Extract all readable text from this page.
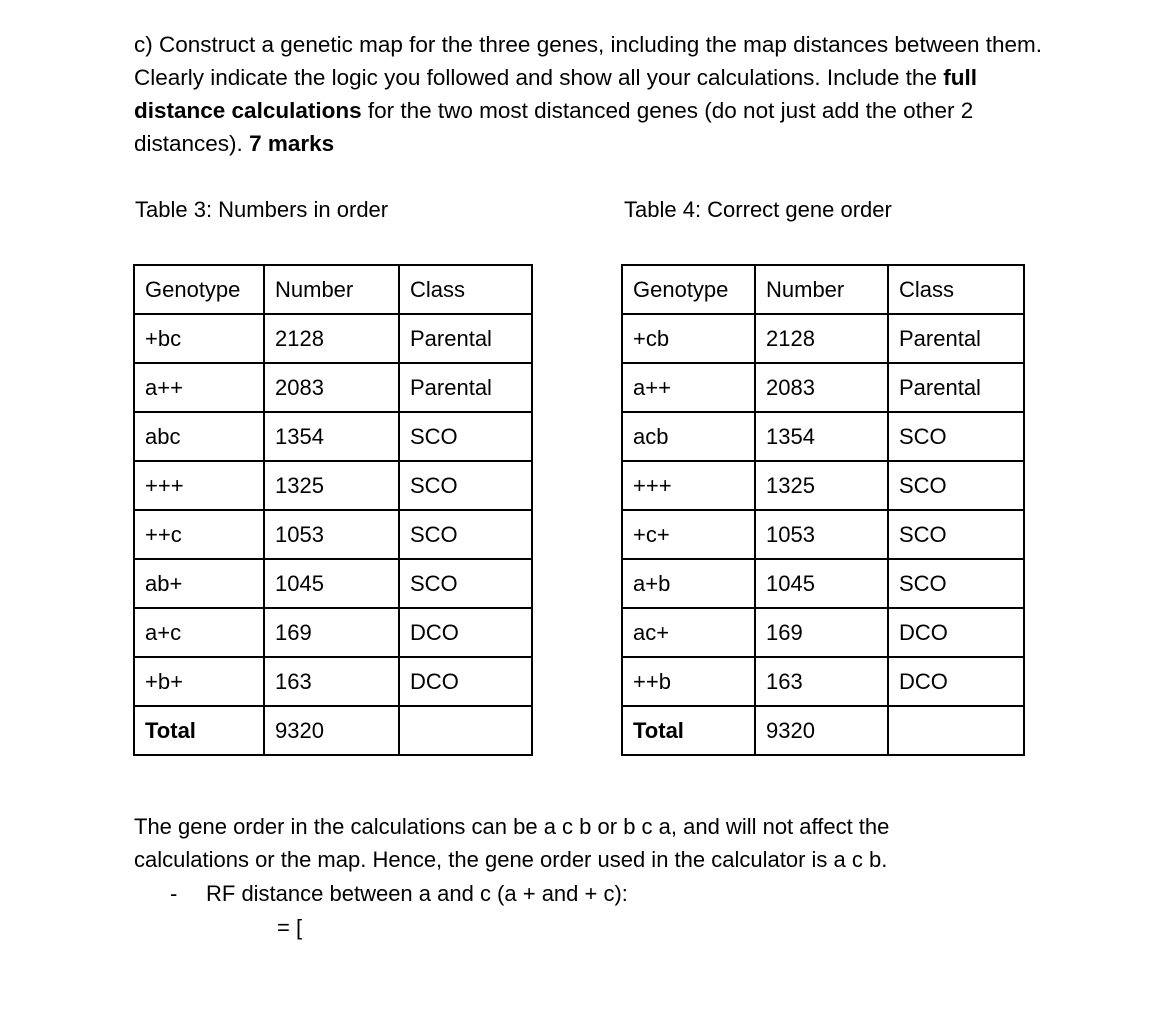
c) Construct a genetic map for the three genes, including the map distances between them. Clearly indicate the logic you followed and show all your calculations. Include the full distance calculations for the two most distanced genes (do not just add the other 2 distances). 7 marks
Table 3: Numbers in order	Table 4: Correct gene order
Genotype	Number	Class
+bc	2128	Parental
a++	2083	Parental
abc	1354	SCO
+++	1325	SCO
++c	1053	SCO
ab+	1045	SCO
a+c	169	DCO
+b+	163	DCO
Total	9320	
Genotype	Number	Class
+cb	2128	Parental
a++	2083	Parental
acb	1354	SCO
+++	1325	SCO
+c+	1053	SCO
a+b	1045	SCO
ac+	169	DCO
++b	163	DCO
Total	9320	
The gene order in the calculations can be a c b or b c a, and will not affect the
calculations or the map. Hence, the gene order used in the calculator is a c b.
- RF distance between a and c (a + and + c):
= [
